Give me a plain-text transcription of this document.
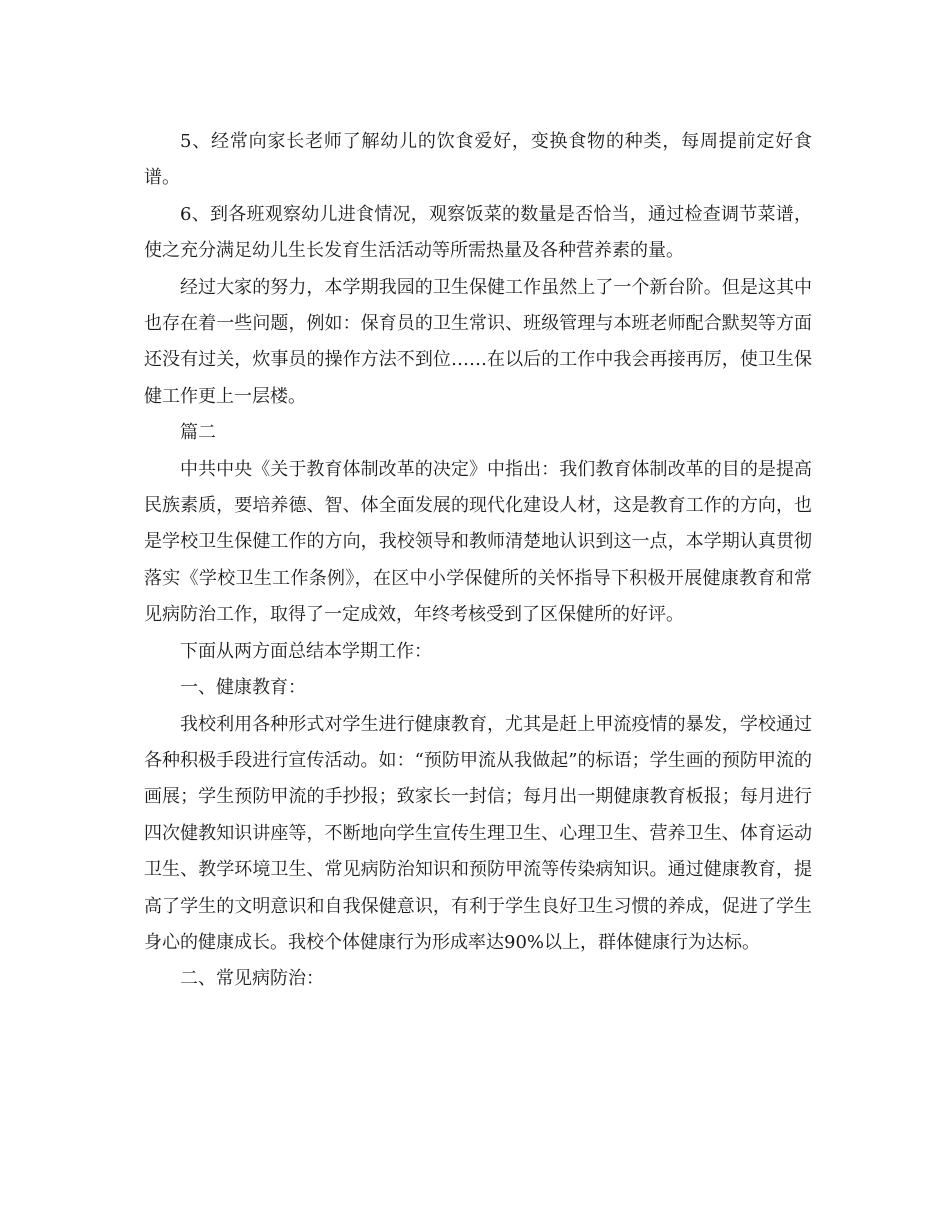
5、经常向家长老师了解幼儿的饮食爱好，变换食物的种类，每周提前定好食谱。

6、到各班观察幼儿进食情况，观察饭菜的数量是否恰当，通过检查调节菜谱，使之充分满足幼儿生长发育生活活动等所需热量及各种营养素的量。

经过大家的努力，本学期我园的卫生保健工作虽然上了一个新台阶。但是这其中也存在着一些问题，例如：保育员的卫生常识、班级管理与本班老师配合默契等方面还没有过关，炊事员的操作方法不到位……在以后的工作中我会再接再厉，使卫生保健工作更上一层楼。

篇二

中共中央《关于教育体制改革的决定》中指出：我们教育体制改革的目的是提高民族素质，要培养德、智、体全面发展的现代化建设人材，这是教育工作的方向，也是学校卫生保健工作的方向，我校领导和教师清楚地认识到这一点，本学期认真贯彻落实《学校卫生工作条例》，在区中小学保健所的关怀指导下积极开展健康教育和常见病防治工作，取得了一定成效，年终考核受到了区保健所的好评。

下面从两方面总结本学期工作：

一、健康教育：

我校利用各种形式对学生进行健康教育，尤其是赶上甲流疫情的暴发，学校通过各种积极手段进行宣传活动。如：“预防甲流从我做起”的标语；学生画的预防甲流的画展；学生预防甲流的手抄报；致家长一封信；每月出一期健康教育板报；每月进行四次健教知识讲座等，不断地向学生宣传生理卫生、心理卫生、营养卫生、体育运动卫生、教学环境卫生、常见病防治知识和预防甲流等传染病知识。通过健康教育，提高了学生的文明意识和自我保健意识，有利于学生良好卫生习惯的养成，促进了学生身心的健康成长。我校个体健康行为形成率达90%以上，群体健康行为达标。

二、常见病防治：
